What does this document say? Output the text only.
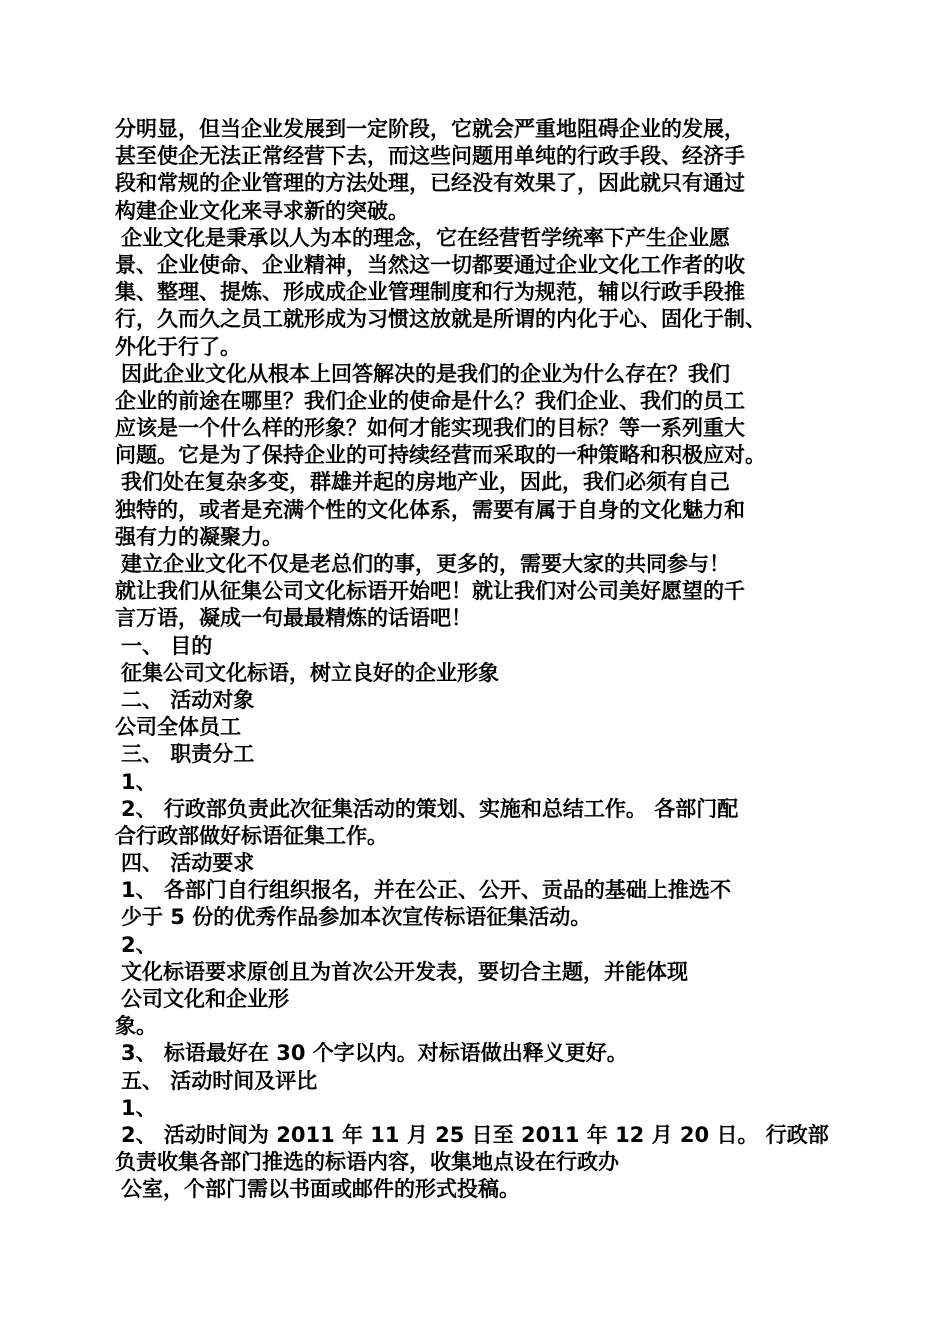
分明显，但当企业发展到一定阶段，它就会严重地阻碍企业的发展，
甚至使企无法正常经营下去，而这些问题用单纯的行政手段、经济手
段和常规的企业管理的方法处理，已经没有效果了，因此就只有通过
构建企业文化来寻求新的突破。
企业文化是秉承以人为本的理念，它在经营哲学统率下产生企业愿
景、企业使命、企业精神，当然这一切都要通过企业文化工作者的收
集、整理、提炼、形成成企业管理制度和行为规范，辅以行政手段推
行，久而久之员工就形成为习惯这放就是所谓的内化于心、固化于制、
外化于行了。
因此企业文化从根本上回答解决的是我们的企业为什么存在？我们
企业的前途在哪里？我们企业的使命是什么？我们企业、我们的员工
应该是一个什么样的形象？如何才能实现我们的目标？等一系列重大
问题。它是为了保持企业的可持续经营而采取的一种策略和积极应对。
我们处在复杂多变，群雄并起的房地产业，因此，我们必须有自己
独特的，或者是充满个性的文化体系，需要有属于自身的文化魅力和
强有力的凝聚力。
建立企业文化不仅是老总们的事，更多的，需要大家的共同参与！
就让我们从征集公司文化标语开始吧！就让我们对公司美好愿望的千
言万语，凝成一句最最精炼的话语吧！
一、 目的
征集公司文化标语，树立良好的企业形象
二、 活动对象
公司全体员工
三、 职责分工
1、
2、 行政部负责此次征集活动的策划、实施和总结工作。 各部门配
合行政部做好标语征集工作。
四、 活动要求
1、 各部门自行组织报名，并在公正、公开、贡品的基础上推选不
少于 5 份的优秀作品参加本次宣传标语征集活动。
2、
文化标语要求原创且为首次公开发表，要切合主题，并能体现
公司文化和企业形
象。
3、 标语最好在 30 个字以内。对标语做出释义更好。
五、 活动时间及评比
1、
2、 活动时间为 2011 年 11 月 25 日至 2011 年 12 月 20 日。 行政部
负责收集各部门推选的标语内容，收集地点设在行政办
公室，个部门需以书面或邮件的形式投稿。
